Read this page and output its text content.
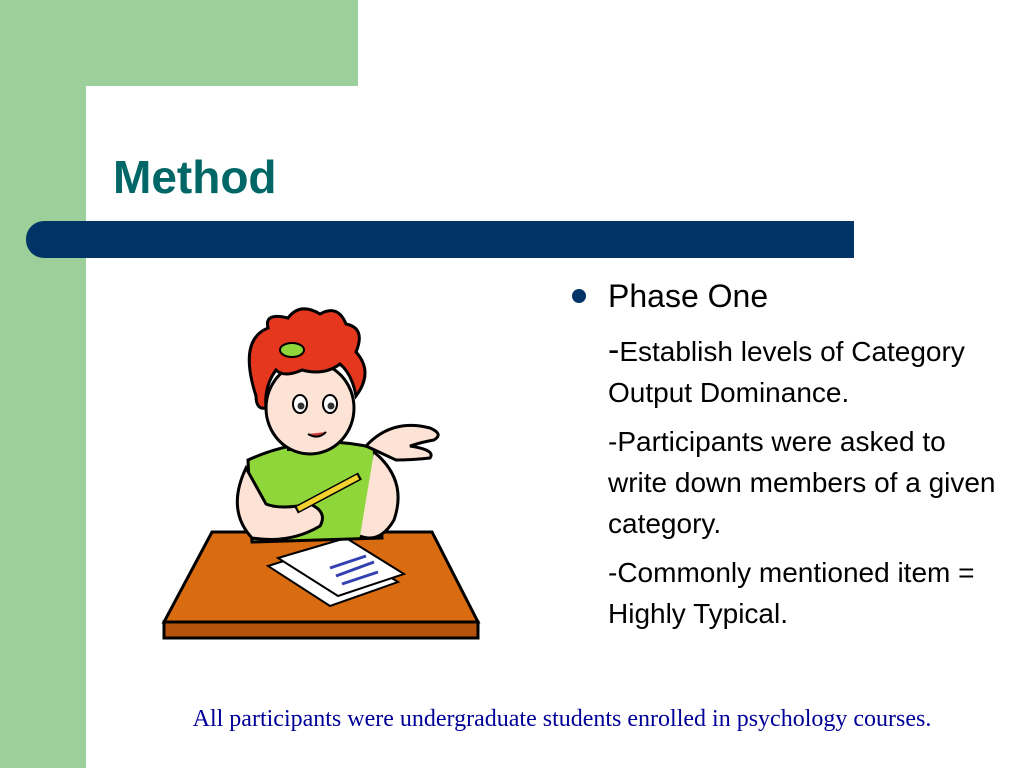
Method
Phase One
-Establish levels of Category Output Dominance.
-Participants were asked to write down members of a given category.
-Commonly mentioned item = Highly Typical.
All participants were undergraduate students enrolled in psychology courses.
